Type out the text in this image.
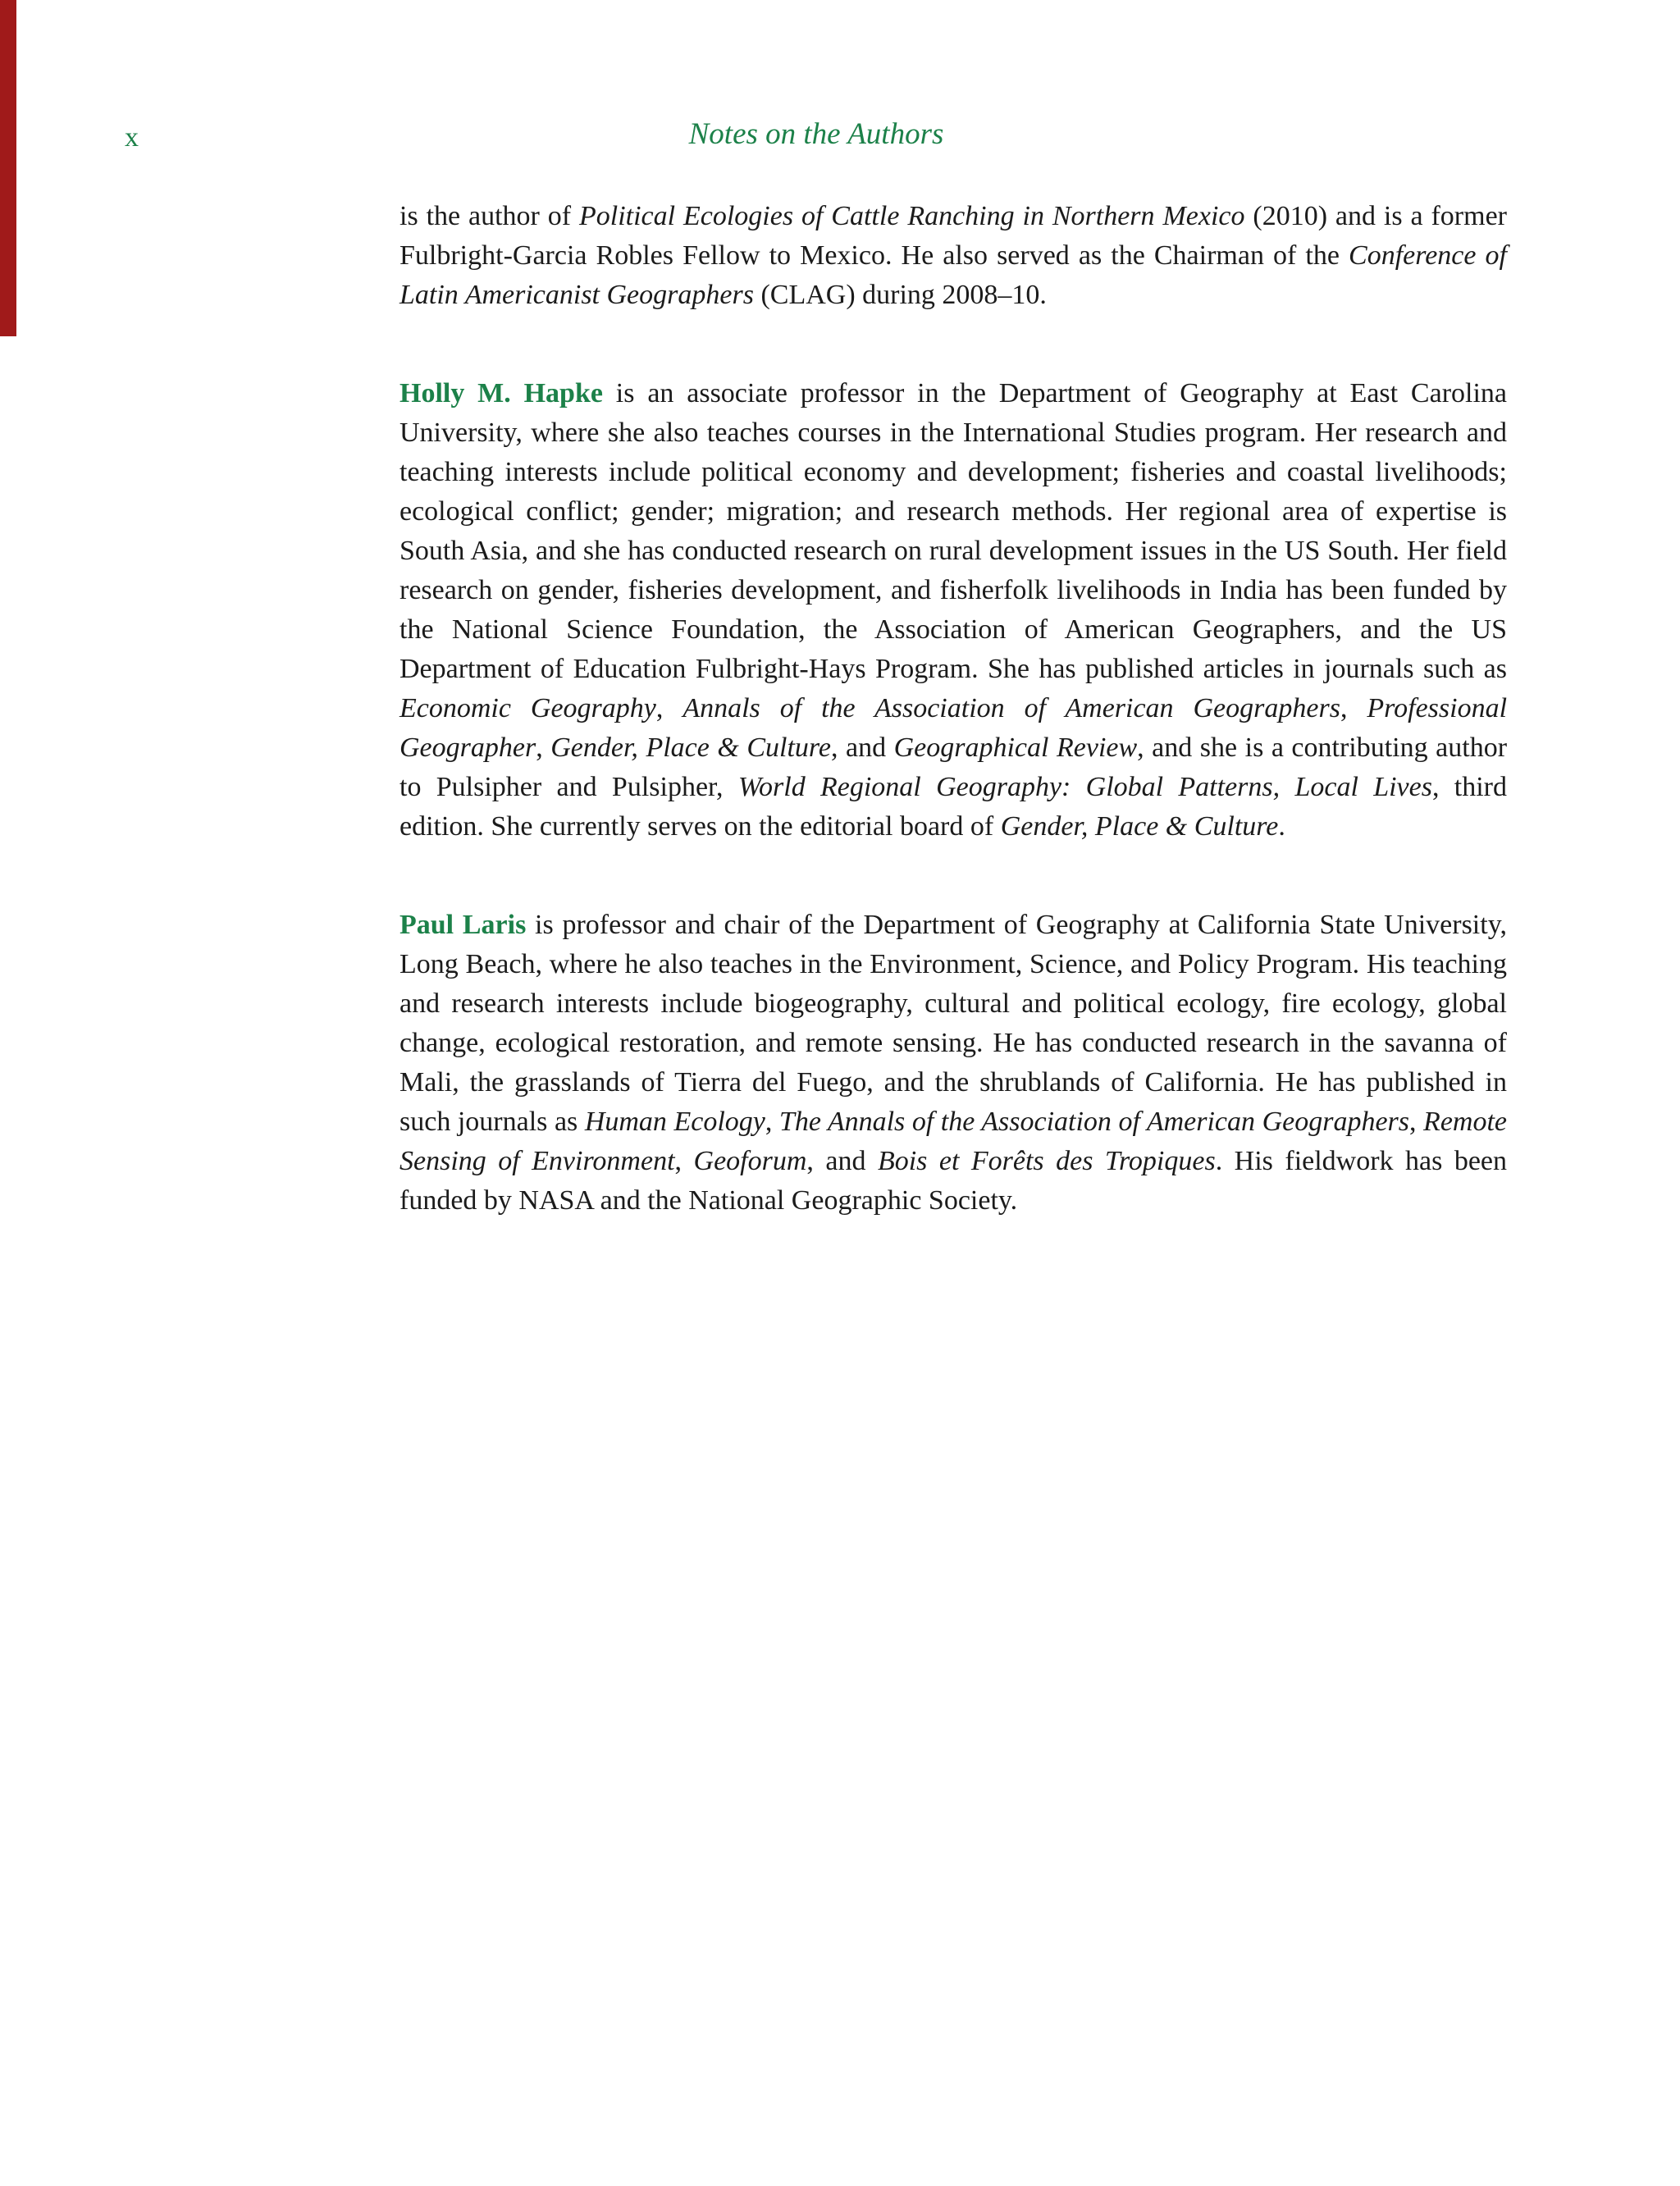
x	Notes on the Authors

is the author of Political Ecologies of Cattle Ranching in Northern Mexico (2010) and is a former Fulbright-Garcia Robles Fellow to Mexico. He also served as the Chairman of the Conference of Latin Americanist Geographers (CLAG) during 2008–10.

Holly M. Hapke is an associate professor in the Department of Geography at East Carolina University, where she also teaches courses in the International Studies program. Her research and teaching interests include political economy and development; fisheries and coastal livelihoods; ecological conflict; gender; migration; and research methods. Her regional area of expertise is South Asia, and she has conducted research on rural development issues in the US South. Her field research on gender, fisheries development, and fisherfolk livelihoods in India has been funded by the National Science Foundation, the Association of American Geographers, and the US Department of Education Fulbright-Hays Program. She has published articles in journals such as Economic Geography, Annals of the Association of American Geographers, Professional Geographer, Gender, Place & Culture, and Geographical Review, and she is a contributing author to Pulsipher and Pulsipher, World Regional Geography: Global Patterns, Local Lives, third edition. She currently serves on the editorial board of Gender, Place & Culture.

Paul Laris is professor and chair of the Department of Geography at California State University, Long Beach, where he also teaches in the Environment, Science, and Policy Program. His teaching and research interests include biogeography, cultural and political ecology, fire ecology, global change, ecological restoration, and remote sensing. He has conducted research in the savanna of Mali, the grasslands of Tierra del Fuego, and the shrublands of California. He has published in such journals as Human Ecology, The Annals of the Association of American Geographers, Remote Sensing of Environment, Geoforum, and Bois et Forêts des Tropiques. His fieldwork has been funded by NASA and the National Geographic Society.
